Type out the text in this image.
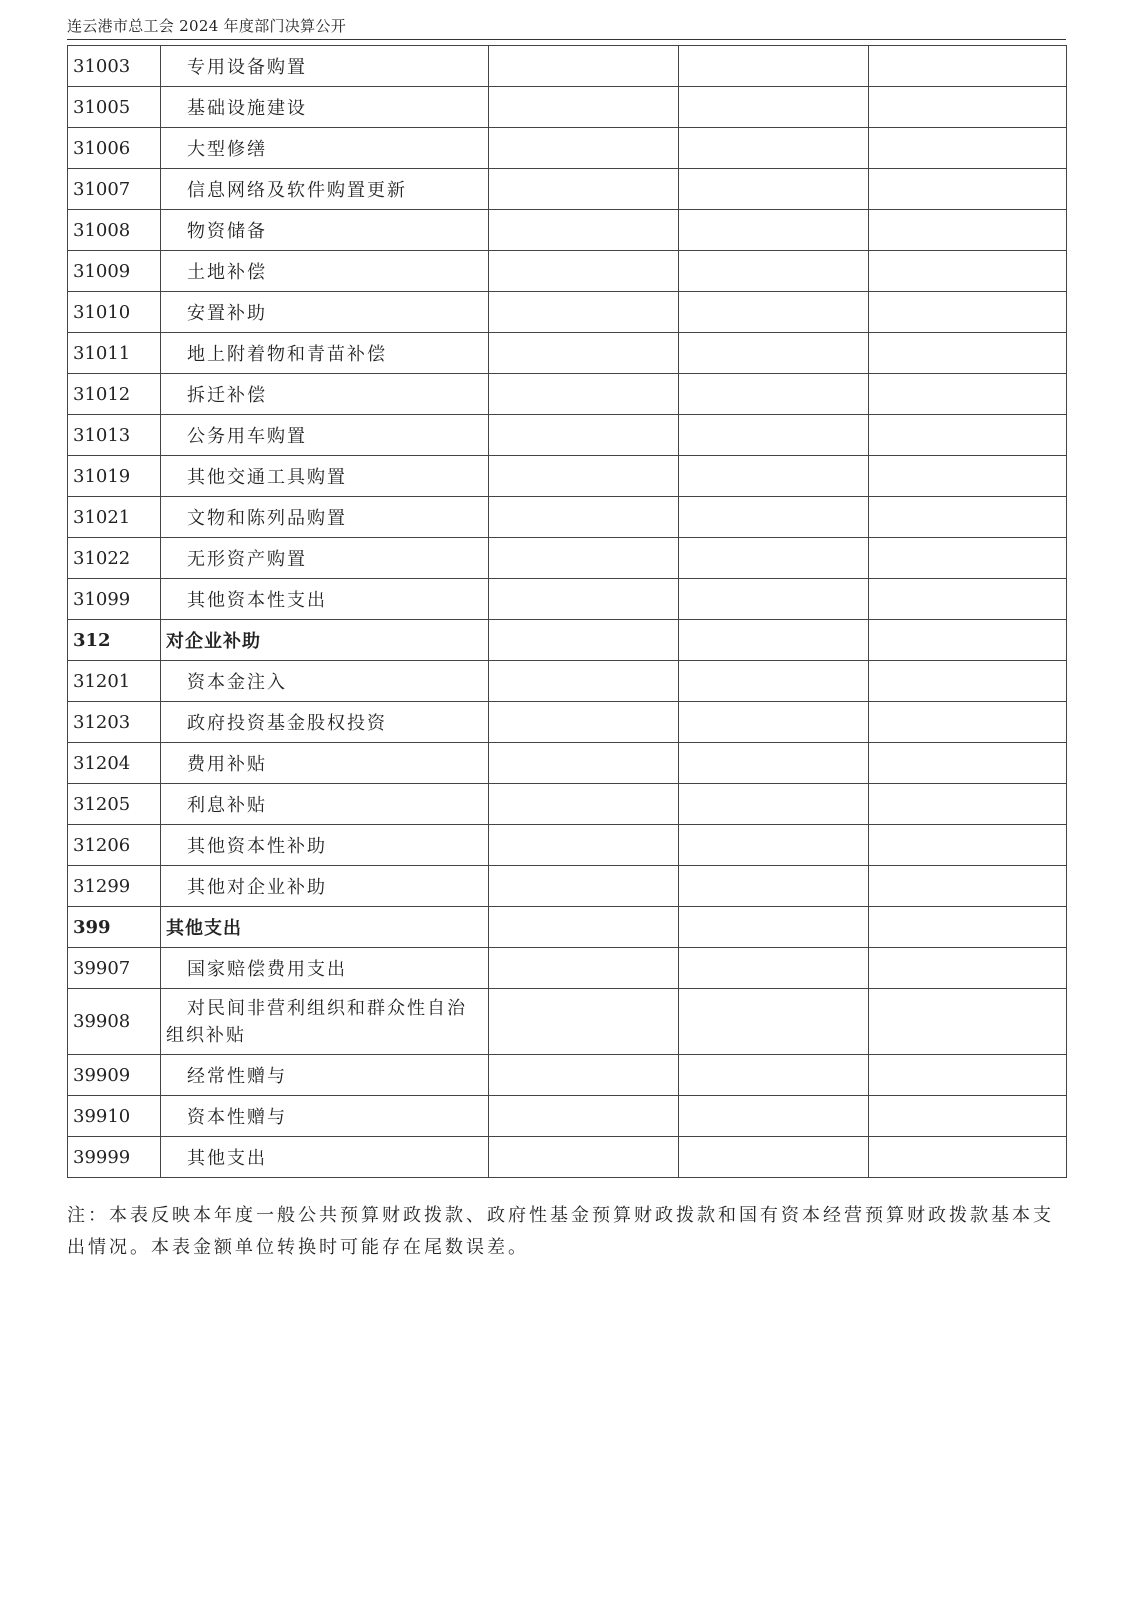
连云港市总工会 2024 年度部门决算公开
31003	专用设备购置			
31005	基础设施建设			
31006	大型修缮			
31007	信息网络及软件购置更新			
31008	物资储备			
31009	土地补偿			
31010	安置补助			
31011	地上附着物和青苗补偿			
31012	拆迁补偿			
31013	公务用车购置			
31019	其他交通工具购置			
31021	文物和陈列品购置			
31022	无形资产购置			
31099	其他资本性支出			
312	对企业补助			
31201	资本金注入			
31203	政府投资基金股权投资			
31204	费用补贴			
31205	利息补贴			
31206	其他资本性补助			
31299	其他对企业补助			
399	其他支出			
39907	国家赔偿费用支出			
39908	对民间非营利组织和群众性自治
组织补贴			

39909	经常性赠与			
39910	资本性赠与			
39999	其他支出			
注：本表反映本年度一般公共预算财政拨款、政府性基金预算财政拨款和国有资本经营预算财政拨款基本支出情况。本表金额单位转换时可能存在尾数误差。
